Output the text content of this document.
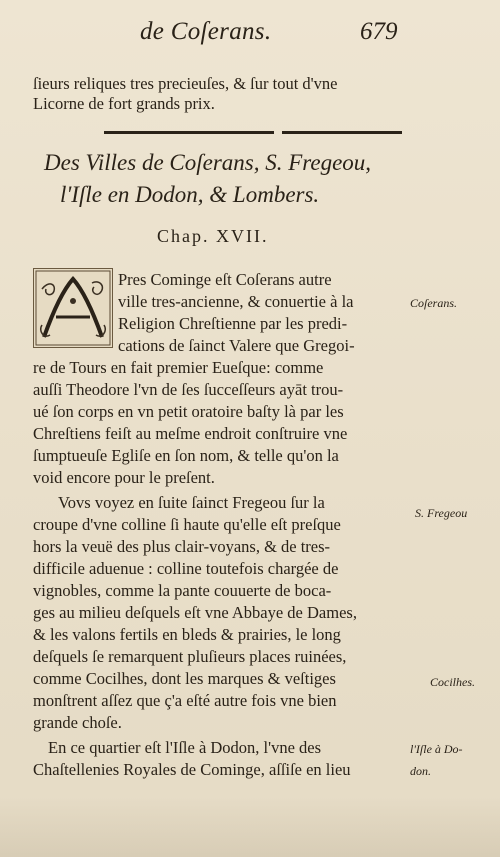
de Coſerans.	679
ſieurs reliques tres precieuſes, & ſur tout d'vne
Licorne de fort grands prix.
Des Villes de Coſerans, S. Fregeou,
l'Iſle en Dodon, & Lombers.
Chap. XVII.
Pres Cominge eſt Coſerans autre
ville tres-ancienne, & conuertie à la
Religion Chreſtienne par les predi-
cations de ſainct Valere que Gregoi-
re de Tours en fait premier Eueſque: comme
auſſi Theodore l'vn de ſes ſucceſſeurs ayāt trou-
ué ſon corps en vn petit oratoire baſty là par les
Chreſtiens feiſt au meſme endroit conſtruire vne
ſumptueuſe Egliſe en ſon nom, & telle qu'on la
void encore pour le preſent.
Vovs voyez en ſuite ſainct Fregeou ſur la
croupe d'vne colline ſi haute qu'elle eſt preſque
hors la veuë des plus clair-voyans, & de tres-
difficile aduenue : colline toutefois chargée de
vignobles, comme la pante couuerte de boca-
ges au milieu deſquels eſt vne Abbaye de Dames,
& les valons fertils en bleds & prairies, le long
deſquels ſe remarquent pluſieurs places ruinées,
comme Cocilhes, dont les marques & veſtiges
monſtrent aſſez que ç'a eſté autre fois vne bien
grande choſe.
En ce quartier eſt l'Iſle à Dodon, l'vne des
Chaſtellenies Royales de Cominge, aſſiſe en lieu
Coſerans.
S. Fregeou
Cocilhes.
l'Iſle à Do-
don.
